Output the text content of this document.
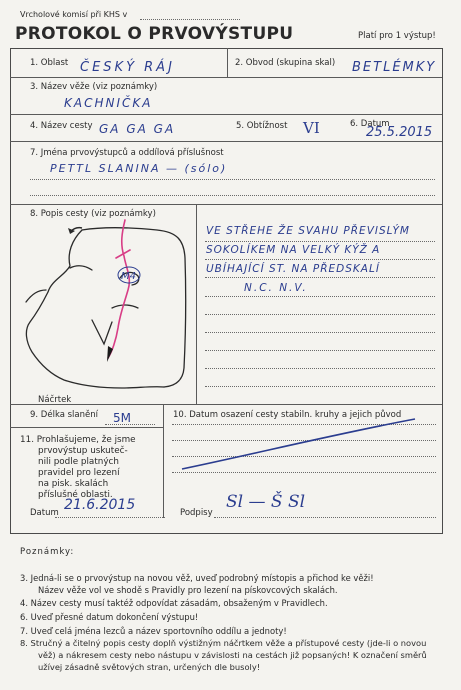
Vrcholové komisí při KHS v
PROTOKOL O PRVOVÝSTUPU	Platí pro 1 výstup!
1. Oblast ČESKÝ RÁJ	2. Obvod (skupina skal) BETLÉMKY
3. Název věže (viz poznámky)
KACHNIČKA
4. Název cesty GA GA GA	5. Obtížnost VI	6. Datum
25.5.2015
7. Jména prvovýstupců a oddílová příslušnost
PETTL SLANINA — (sólo)
8. Popis cesty (viz poznámky)
Náčrtek
M4
VE STŘEHE ŽE SVAHU PŘEVISLÝM
SOKOLÍKEM NA VELKÝ KÝŽ A
UBÍHAJÍCÍ ST. NA PŘEDSKALÍ
N.C. N.V.
9. Délka slanění 5M	10. Datum osazení cesty stabiln. kruhy a jejich původ
11. Prohlašujeme, že jsme
prvovýstup uskuteč-
nili podle platných
pravidel pro lezení
na pisk. skalách
příslušné oblasti.
Datum 21.6.2015	Podpisy
Sl — Š Sl
Poznámky:
3. Jedná-li se o prvovýstup na novou věž, uveď podrobný místopis a přichod ke věži!
Název věže vol ve shodě s Pravidly pro lezení na pískovcových skalách.
4. Název cesty musí taktéž odpovídat zásadám, obsaženým v Pravidlech.
6. Uveď přesné datum dokončení výstupu!
7. Uveď celá jména lezců a název sportovního oddílu a jednoty!
8. Stručný a čitelný popis cesty doplň výstižným náčrtkem věže a přístupové cesty (jde-li o novou
věž) a nákresem cesty nebo nástupu v závislosti na cestách již popsaných! K označení směrů
užívej zásadně světových stran, určených dle busoly!
